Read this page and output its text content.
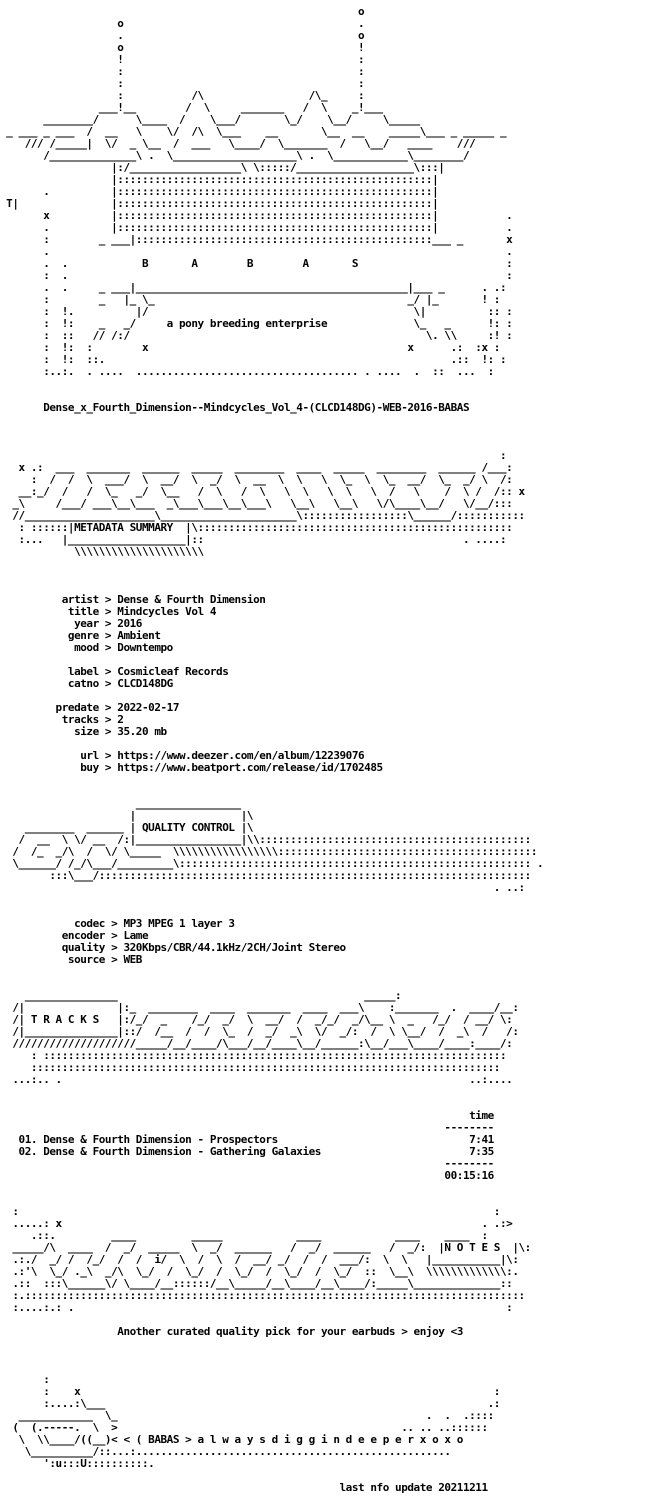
o
o                                      .
.                                      o
o                                      !
!                                      :
:                                      :
:                                      :
:           /\                 /\_     :
___!__        /  \     _______   /  \    _!___
________/      \____  /    \___/       \_/    \__/     \_____
_ ___ _ ___  /  __   \    \/  /\  \___    __       \__  __    _____\___ _ _____ _
/// /_____|  \/  _ \__  /  ___   \____/  \_______  /   \__/   ____    ///
/______________\ .  \____________________\ .  \____________\________/
|:/__________________\ \:::::/___________________\:::|
|:::::::::::::::::::::::::::::::::::::::::::::::::::|
.          |:::::::::::::::::::::::::::::::::::::::::::::::::::|
T|               |:::::::::::::::::::::::::::::::::::::::::::::::::::|
x          |:::::::::::::::::::::::::::::::::::::::::::::::::::|           .
.          |:::::::::::::::::::::::::::::::::::::::::::::::::::|           .
:        _ ___|::::::::::::::::::::::::::::::::::::::::::::::::___ _       x
.                                                                          .
.  .            B       A        B        A       S                        :
:  .                                                                       :
.  .     _ ___|____________________________________________|___ _      . .:
:        _   |_ \_                                         _/ |_       ! :
:  !.          |/                                           \|          :: :
:  !:    _   _/     a pony breeding enterprise              \_   _      !: :
:  ::   // /:/                                                \. \\     :! :
:  !:  :        x                                          x      .:  :x :
:  !:  ::.                                                        .::  !: :
:..:.  . ....  .................................... . ....  .  ::  ...  :
Dense_x_Fourth_Dimension--Mindcycles_Vol_4-(CLCD148DG)-WEB-2016-BABAS
:
x .:  ___  _______  ______  _____  ________  ____  _____  ________  ______ /___:
:  /  /  \  ___/  \  __/  \  _/  \  __  \  \   \  \_  \  \_  __/  \_  _/ \  /:
__:_/  /   /  \_   _/  \__   /  \   /  \   \  \   \  \   \  /   \    /  \ /  /:: x
_\     /___/ ___\__\___  _\___\___\__\___\   \__\   \__\   \/\____\__/   \/__/:::
//_____________________\______________________\:::::::::::::::::\______/:::::::::::
: ::::::|METADATA SUMMARY  |\:::::::::::::::::::::::::::::::::::::::::::::::::::
:...   |___________________|::                                          . ....:
\\\\\\\\\\\\\\\\\\\\\
artist > Dense & Fourth Dimension
title > Mindcycles Vol 4
year > 2016
genre > Ambient
mood > Downtempo
label > Cosmicleaf Records
catno > CLCD148DG
predate > 2022-02-17
tracks > 2
size > 35.20 mb
url > https://www.deezer.com/en/album/12239076
buy > https://www.beatport.com/release/id/1702485
_________________
|                 |\
________  ______ | QUALITY CONTROL |\
/  __  \ \/ __  /:|_________________|\\::::::::::::::::::::::::::::::::::::::::::::
/  /_  _/\  /  \/ \_____  \\\\\\\\\\\\\\\\\::::::::::::::::::::::::::::::::::::::::::
\______/ /_/\___/_________\::::::::::::::::::::::::::::::::::::::::::::::::::::::::: .
:::\___/::::::::::::::::::::::::::::::::::::::::::::::::::::::::::::::::::::::
. ..:
codec > MP3 MPEG 1 layer 3
encoder > Lame
quality > 320Kbps/CBR/44.1kHz/2CH/Joint Stereo
source > WEB
_______________                                        _____:
/|               |:_  ________  ____  _______  ____  ___\    :_______  .  ____/__:
/| T R A C K S   |:/_/  _    /_/  _/  \  __/  /  _/_/  _/\__ \  _   /_/  / __/ \:
/|_______________|::/  /__  /  /  \_  /  _/  _\  \/  _/:  /  \ \__/  /  _\  /   /:
////////////////////_____/__/____/\___/__/____\__/______:\__/___\____/____:____/:
: :::::::::::::::::::::::::::::::::::::::::::::::::::::::::::::::::::::::::::
::::::::::::::::::::::::::::::::::::::::::::::::::::::::::::::::::::::::::::
...:.. .                                                                  ..:....
time
--------
01. Dense & Fourth Dimension - Prospectors                               7:41
02. Dense & Fourth Dimension - Gathering Galaxies                        7:35
--------
00:15:16
:                                                                             :
.....: x                                                                    . .:>
.::.         ____         _____            ____            ____    ____  :
_____/\  ____  /  _/  _____  \  _/  ______   /  _/  ______   /  _/:  |N O T E S  |\:
.:./  _/ /  /_/  /  /  i/  \  /  \  /  __/ _/  /  /  ___/:  \  \   |___________|\:
.:'\  \_/ ._\  _/\  \_/  /  \_/  /  \_/  /  \_/  /  \_/  ::  \__\  \\\\\\\\\\\\\:.
.::  :::\______\/ \____/__::::::/__\_____/__\____/__\____/:_____\______________::
:.:::::::::::::::::::::::::::::::::::::::::::::::::::::::::::::::::::::::::::::::::
:....:.: .                                                                      :
Another curated quality pick for your earbuds > enjoy <3
:
:    x                                                                   :
:....:\___                                                              .:
____________  \_                                                  .  .  .::::
(  (.-----.  \  >                                              .. .. ..::::::
\  \\____/((__)< < ( BABAS > a l w a y s d i g g i n d e e p e r x o x o
\__________/::...:...................................................
':u:::U::::::::::.
last nfo update 20211211
